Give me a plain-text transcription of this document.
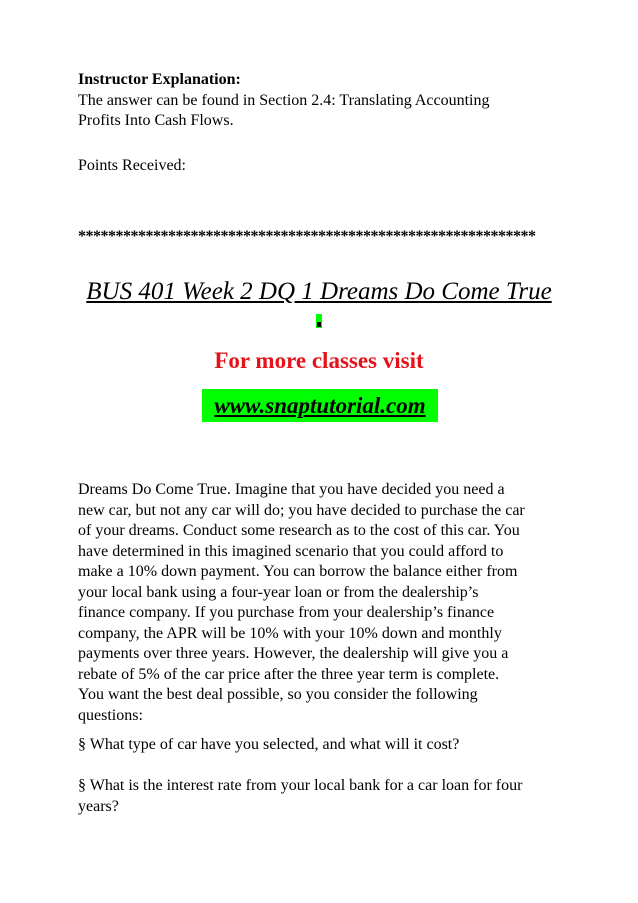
Instructor Explanation:
The answer can be found in Section 2.4: Translating Accounting
Profits Into Cash Flows.
Points Received:
*************************************************************
BUS 401 Week 2 DQ 1 Dreams Do Come True
For more classes visit
www.snaptutorial.com
Dreams Do Come True. Imagine that you have decided you need a
new car, but not any car will do; you have decided to purchase the car
of your dreams. Conduct some research as to the cost of this car. You
have determined in this imagined scenario that you could afford to
make a 10% down payment. You can borrow the balance either from
your local bank using a four-year loan or from the dealership’s
finance company. If you purchase from your dealership’s finance
company, the APR will be 10% with your 10% down and monthly
payments over three years. However, the dealership will give you a
rebate of 5% of the car price after the three year term is complete.
You want the best deal possible, so you consider the following
questions:
§ What type of car have you selected, and what will it cost?
§ What is the interest rate from your local bank for a car loan for four
years?
